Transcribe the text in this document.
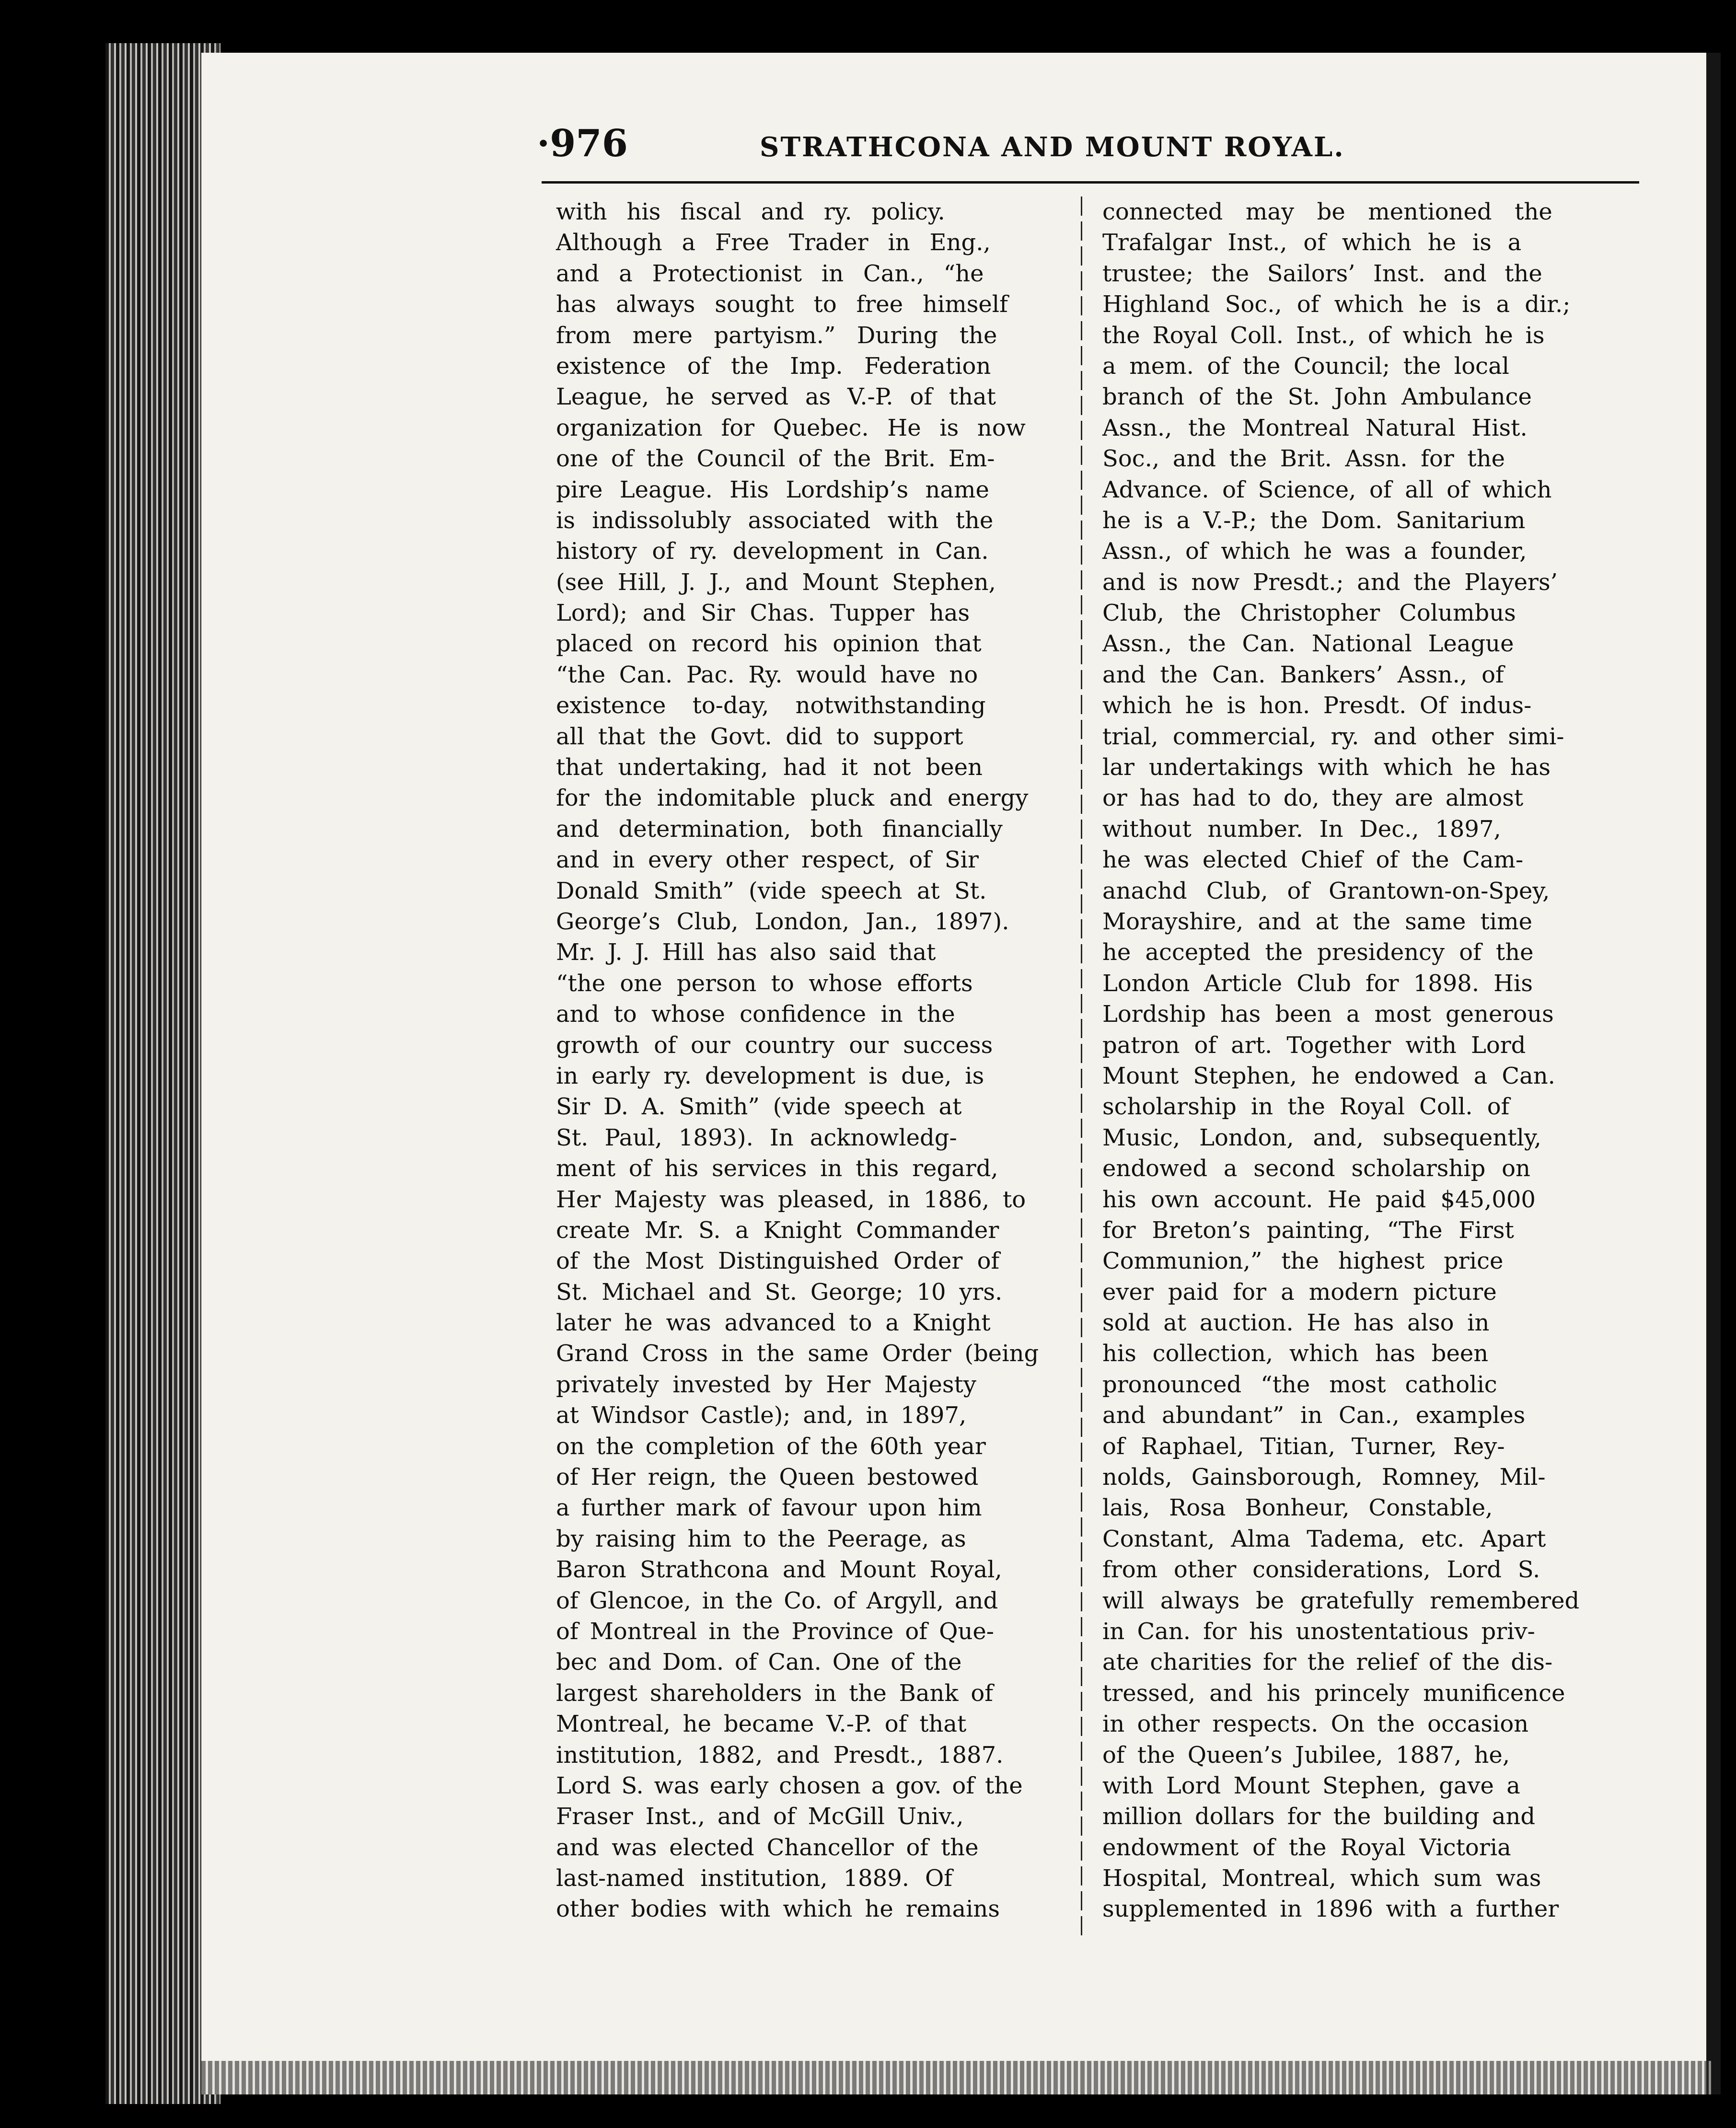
·976	STRATHCONA AND MOUNT ROYAL.
with his fiscal and ry. policy.
Although a Free Trader in Eng.,
and a Protectionist in Can., “he
has always sought to free himself
from mere partyism.” During the
existence of the Imp. Federation
League, he served as V.-P. of that
organization for Quebec. He is now
one of the Council of the Brit. Em-
pire League. His Lordship’s name
is indissolubly associated with the
history of ry. development in Can.
(see Hill, J. J., and Mount Stephen,
Lord); and Sir Chas. Tupper has
placed on record his opinion that
“the Can. Pac. Ry. would have no
existence to-day, notwithstanding
all that the Govt. did to support
that undertaking, had it not been
for the indomitable pluck and energy
and determination, both financially
and in every other respect, of Sir
Donald Smith” (vide speech at St.
George’s Club, London, Jan., 1897).
Mr. J. J. Hill has also said that
“the one person to whose efforts
and to whose confidence in the
growth of our country our success
in early ry. development is due, is
Sir D. A. Smith” (vide speech at
St. Paul, 1893). In acknowledg-
ment of his services in this regard,
Her Majesty was pleased, in 1886, to
create Mr. S. a Knight Commander
of the Most Distinguished Order of
St. Michael and St. George; 10 yrs.
later he was advanced to a Knight
Grand Cross in the same Order (being
privately invested by Her Majesty
at Windsor Castle); and, in 1897,
on the completion of the 60th year
of Her reign, the Queen bestowed
a further mark of favour upon him
by raising him to the Peerage, as
Baron Strathcona and Mount Royal,
of Glencoe, in the Co. of Argyll, and
of Montreal in the Province of Que-
bec and Dom. of Can. One of the
largest shareholders in the Bank of
Montreal, he became V.-P. of that
institution, 1882, and Presdt., 1887.
Lord S. was early chosen a gov. of the
Fraser Inst., and of McGill Univ.,
and was elected Chancellor of the
last-named institution, 1889. Of
other bodies with which he remains
connected may be mentioned the
Trafalgar Inst., of which he is a
trustee; the Sailors’ Inst. and the
Highland Soc., of which he is a dir.;
the Royal Coll. Inst., of which he is
a mem. of the Council; the local
branch of the St. John Ambulance
Assn., the Montreal Natural Hist.
Soc., and the Brit. Assn. for the
Advance. of Science, of all of which
he is a V.-P.; the Dom. Sanitarium
Assn., of which he was a founder,
and is now Presdt.; and the Players’
Club, the Christopher Columbus
Assn., the Can. National League
and the Can. Bankers’ Assn., of
which he is hon. Presdt. Of indus-
trial, commercial, ry. and other simi-
lar undertakings with which he has
or has had to do, they are almost
without number. In Dec., 1897,
he was elected Chief of the Cam-
anachd Club, of Grantown-on-Spey,
Morayshire, and at the same time
he accepted the presidency of the
London Article Club for 1898. His
Lordship has been a most generous
patron of art. Together with Lord
Mount Stephen, he endowed a Can.
scholarship in the Royal Coll. of
Music, London, and, subsequently,
endowed a second scholarship on
his own account. He paid $45,000
for Breton’s painting, “The First
Communion,” the highest price
ever paid for a modern picture
sold at auction. He has also in
his collection, which has been
pronounced “the most catholic
and abundant” in Can., examples
of Raphael, Titian, Turner, Rey-
nolds, Gainsborough, Romney, Mil-
lais, Rosa Bonheur, Constable,
Constant, Alma Tadema, etc. Apart
from other considerations, Lord S.
will always be gratefully remembered
in Can. for his unostentatious priv-
ate charities for the relief of the dis-
tressed, and his princely munificence
in other respects. On the occasion
of the Queen’s Jubilee, 1887, he,
with Lord Mount Stephen, gave a
million dollars for the building and
endowment of the Royal Victoria
Hospital, Montreal, which sum was
supplemented in 1896 with a further
